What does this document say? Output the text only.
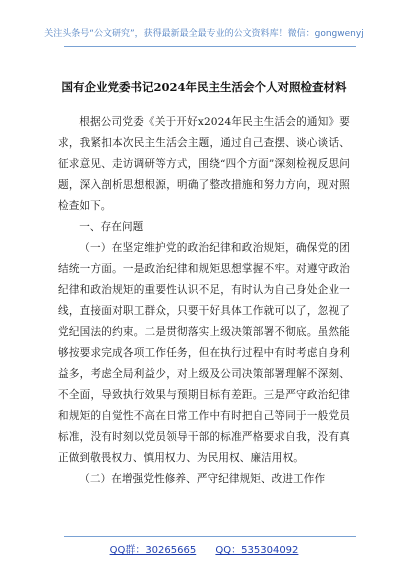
关注头条号“公文研究”，获得最新最全最专业的公文资料库！微信：gongwenyj
国有企业党委书记2024年民主生活会个人对照检查材料

根据公司党委《关于开好x2024年民主生活会的通知》要求，我紧扣本次民主生活会主题，通过自己查摆、谈心谈话、征求意见、走访调研等方式，围绕“四个方面”深刻检视反思问题，深入剖析思想根源，明确了整改措施和努力方向，现对照检查如下。

一、存在问题

（一）在坚定维护党的政治纪律和政治规矩，确保党的团结统一方面。一是政治纪律和规矩思想掌握不牢。对遵守政治纪律和政治规矩的重要性认识不足，有时认为自己身处企业一线，直接面对职工群众，只要干好具体工作就可以了，忽视了党纪国法的约束。二是贯彻落实上级决策部署不彻底。虽然能够按要求完成各项工作任务，但在执行过程中有时考虑自身利益多，考虑全局利益少，对上级及公司决策部署理解不深刻、不全面，导致执行效果与预期目标有差距。三是严守政治纪律和规矩的自觉性不高在日常工作中有时把自己等同于一般党员标准，没有时刻以党员领导干部的标准严格要求自我，没有真正做到敬畏权力、慎用权力、为民用权、廉洁用权。

（二）在增强党性修养、严守纪律规矩、改进工作作

QQ群：30265665 QQ：535304092
